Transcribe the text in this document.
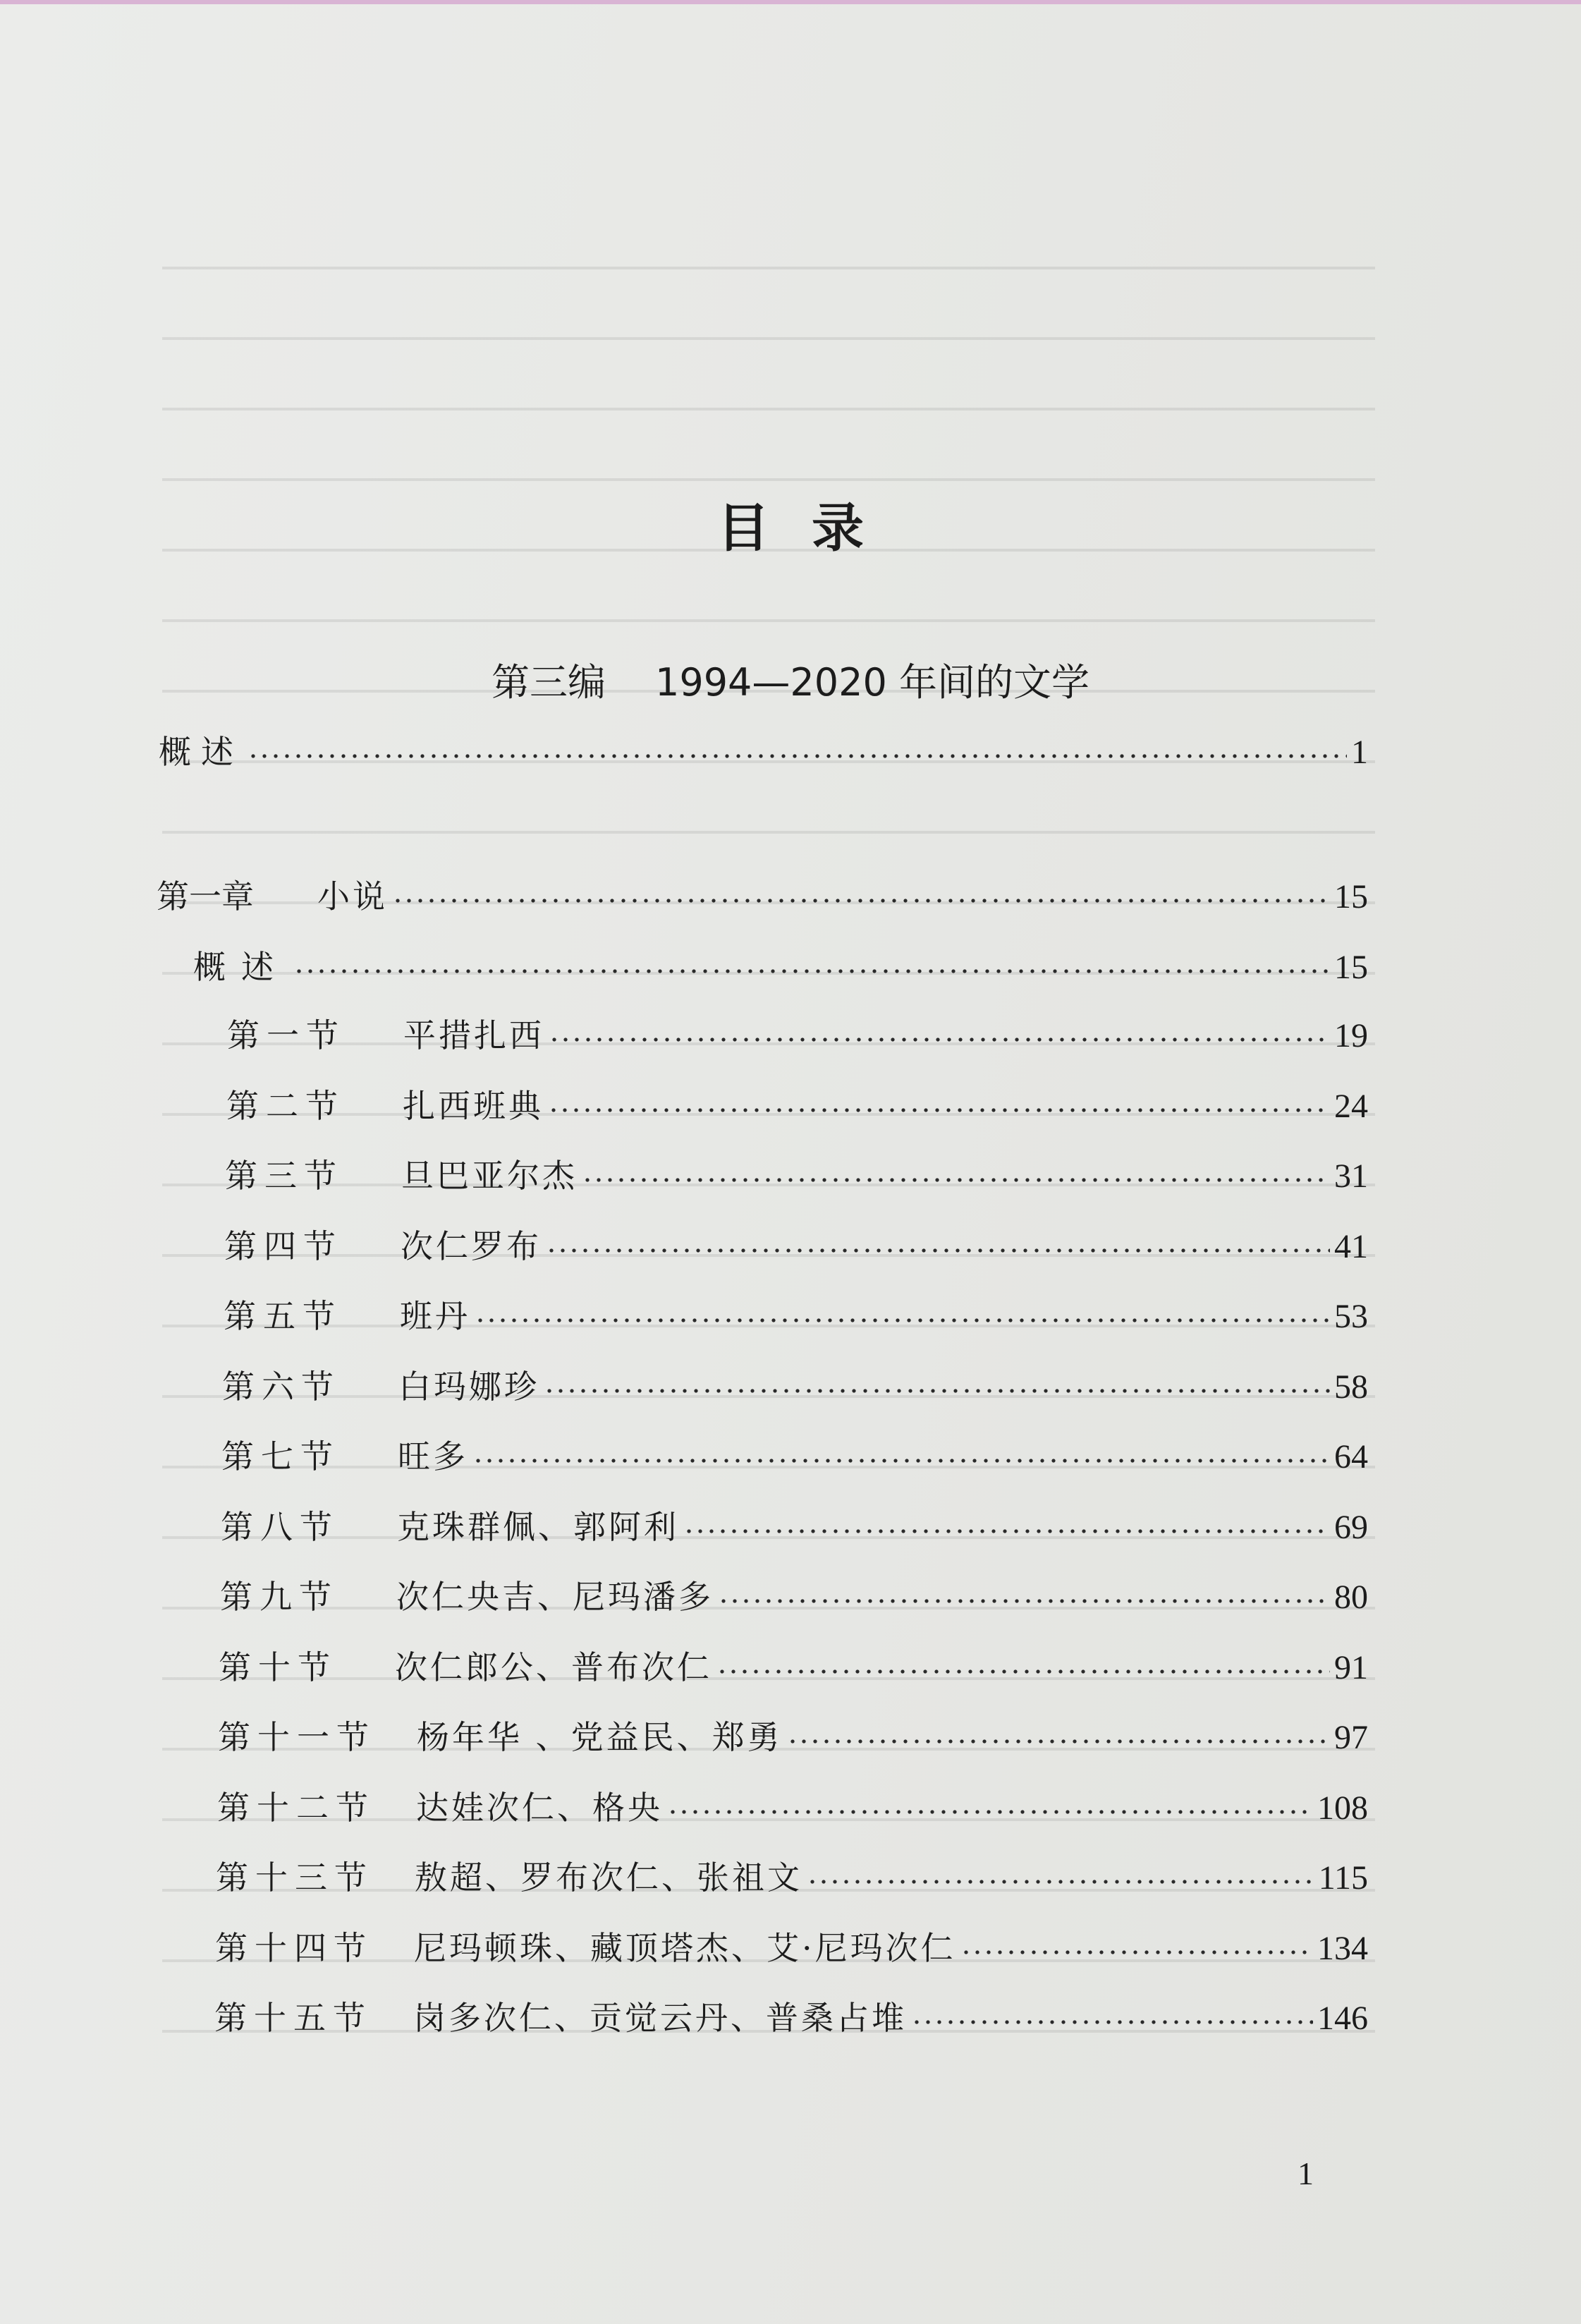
目录
第三编 1994—2020 年间的文学
概述	1
第一章	小说	15
概述	15
第一节	平措扎西	19
第二节	扎西班典	24
第三节	旦巴亚尔杰	31
第四节	次仁罗布	41
第五节	班丹	53
第六节	白玛娜珍	58
第七节	旺多	64
第八节	克珠群佩、郭阿利	69
第九节	次仁央吉、尼玛潘多	80
第十节	次仁郎公、普布次仁	91
第十一节	杨年华 、党益民、郑勇	97
第十二节	达娃次仁、格央	108
第十三节	敖超、罗布次仁、张祖文	115
第十四节	尼玛顿珠、藏顶塔杰、艾·尼玛次仁	134
第十五节	岗多次仁、贡觉云丹、普桑占堆	146
1
